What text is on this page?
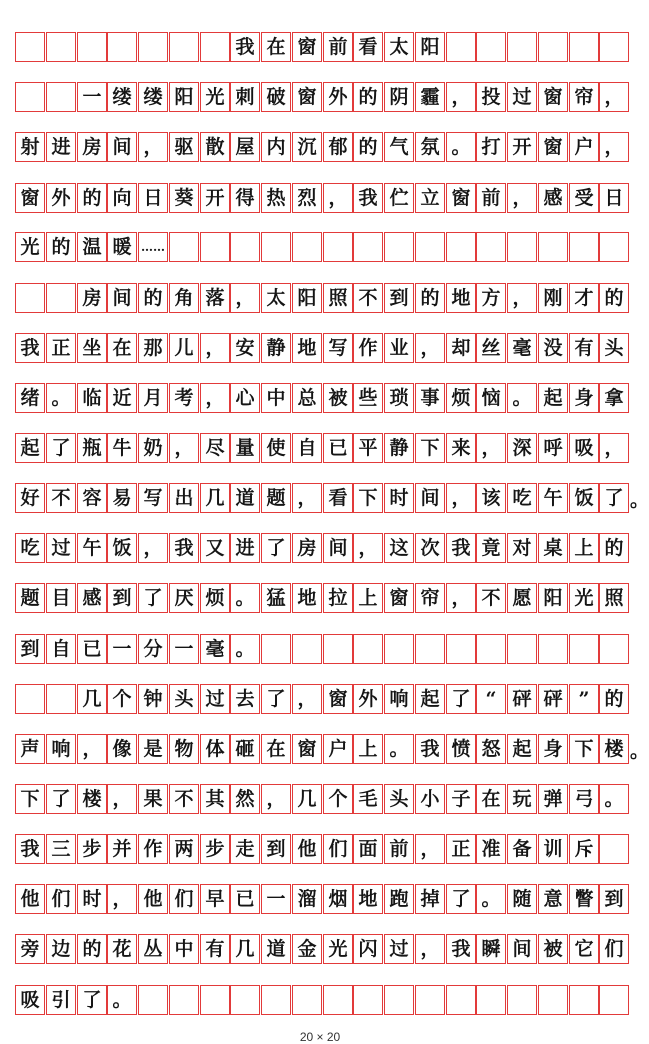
我 在 窗 前 看 太 阳
一 缕 缕 阳 光 刺 破 窗 外 的 阴 霾 ， 投 过 窗 帘 ，
射 进 房 间 ， 驱 散 屋 内 沉 郁 的 气 氛 。 打 开 窗 户 ，
窗 外 的 向 日 葵 开 得 热 烈 ， 我 伫 立 窗 前 ， 感 受 日
光 的 温 暖 ……
房 间 的 角 落 ， 太 阳 照 不 到 的 地 方 ， 刚 才 的
我 正 坐 在 那 儿 ， 安 静 地 写 作 业 ， 却 丝 毫 没 有 头
绪 。 临 近 月 考 ， 心 中 总 被 些 琐 事 烦 恼 。 起 身 拿
起 了 瓶 牛 奶 ， 尽 量 使 自 已 平 静 下 来 ， 深 呼 吸 ，
好 不 容 易 写 出 几 道 题 ， 看 下 时 间 ， 该 吃 午 饭 了 。
吃 过 午 饭 ， 我 又 进 了 房 间 ， 这 次 我 竟 对 桌 上 的
题 目 感 到 了 厌 烦 。 猛 地 拉 上 窗 帘 ， 不 愿 阳 光 照
到 自 已 一 分 一 毫 。
几 个 钟 头 过 去 了 ， 窗 外 响 起 了 “ 砰 砰 ” 的
声 响 ， 像 是 物 体 砸 在 窗 户 上 。 我 愤 怒 起 身 下 楼 。
下 了 楼 ， 果 不 其 然 ， 几 个 毛 头 小 子 在 玩 弹 弓 。
我 三 步 并 作 两 步 走 到 他 们 面 前 ， 正 准 备 训 斥
他 们 时 ， 他 们 早 已 一 溜 烟 地 跑 掉 了 。 随 意 瞥 到
旁 边 的 花 丛 中 有 几 道 金 光 闪 过 ， 我 瞬 间 被 它 们
吸 引 了 。
20 × 20
